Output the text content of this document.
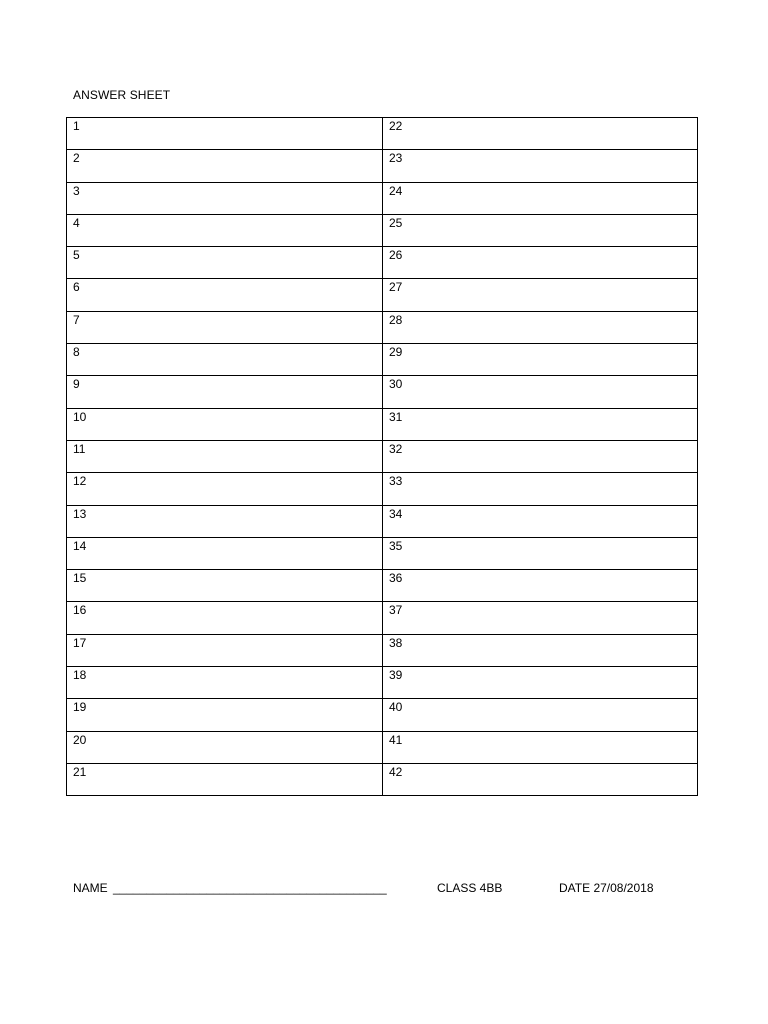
ANSWER SHEET
1	22

2	23

3	24

4	25

5	26

6	27

7	28

8	29

9	30

10	31

11	32

12	33

13	34

14	35

15	36

16	37

17	38

18	39

19	40

20	41

21	42
NAME _________________________________________	CLASS 4BB	DATE 27/08/2018
